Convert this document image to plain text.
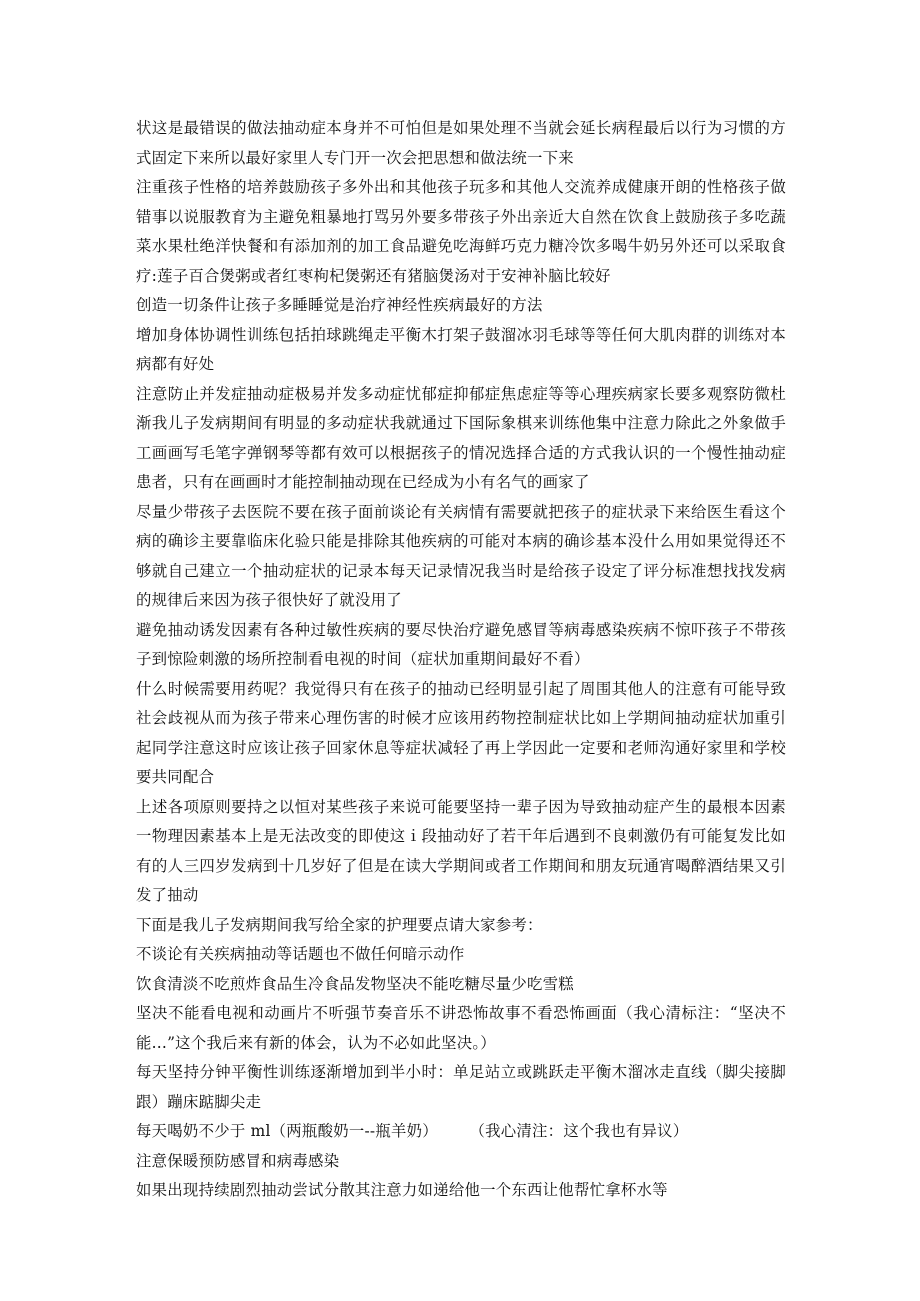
状这是最错误的做法抽动症本身并不可怕但是如果处理不当就会延长病程最后以行为习惯的方式固定下来所以最好家里人专门开一次会把思想和做法统一下来

注重孩子性格的培养鼓励孩子多外出和其他孩子玩多和其他人交流养成健康开朗的性格孩子做错事以说服教育为主避免粗暴地打骂另外要多带孩子外出亲近大自然在饮食上鼓励孩子多吃蔬菜水果杜绝洋快餐和有添加剂的加工食品避免吃海鲜巧克力糖冷饮多喝牛奶另外还可以采取食疗:莲子百合煲粥或者红枣枸杞煲粥还有猪脑煲汤对于安神补脑比较好

创造一切条件让孩子多睡睡觉是治疗神经性疾病最好的方法

增加身体协调性训练包括拍球跳绳走平衡木打架子鼓溜冰羽毛球等等任何大肌肉群的训练对本病都有好处

注意防止并发症抽动症极易并发多动症忧郁症抑郁症焦虑症等等心理疾病家长要多观察防微杜渐我儿子发病期间有明显的多动症状我就通过下国际象棋来训练他集中注意力除此之外象做手工画画写毛笔字弹钢琴等都有效可以根据孩子的情况选择合适的方式我认识的一个慢性抽动症患者，只有在画画时才能控制抽动现在已经成为小有名气的画家了

尽量少带孩子去医院不要在孩子面前谈论有关病情有需要就把孩子的症状录下来给医生看这个病的确诊主要靠临床化验只能是排除其他疾病的可能对本病的确诊基本没什么用如果觉得还不够就自己建立一个抽动症状的记录本每天记录情况我当时是给孩子设定了评分标准想找找发病的规律后来因为孩子很快好了就没用了

避免抽动诱发因素有各种过敏性疾病的要尽快治疗避免感冒等病毒感染疾病不惊吓孩子不带孩子到惊险刺激的场所控制看电视的时间（症状加重期间最好不看）

什么时候需要用药呢？我觉得只有在孩子的抽动已经明显引起了周围其他人的注意有可能导致社会歧视从而为孩子带来心理伤害的时候才应该用药物控制症状比如上学期间抽动症状加重引起同学注意这时应该让孩子回家休息等症状减轻了再上学因此一定要和老师沟通好家里和学校要共同配合

上述各项原则要持之以恒对某些孩子来说可能要坚持一辈子因为导致抽动症产生的最根本因素一物理因素基本上是无法改变的即使这ｉ段抽动好了若干年后遇到不良刺激仍有可能复发比如有的人三四岁发病到十几岁好了但是在读大学期间或者工作期间和朋友玩通宵喝醉酒结果又引发了抽动

下面是我儿子发病期间我写给全家的护理要点请大家参考：

不谈论有关疾病抽动等话题也不做任何暗示动作

饮食清淡不吃煎炸食品生冷食品发物坚决不能吃糖尽量少吃雪糕

坚决不能看电视和动画片不听强节奏音乐不讲恐怖故事不看恐怖画面（我心清标注：“坚决不能...”这个我后来有新的体会，认为不必如此坚决。）

每天坚持分钟平衡性训练逐渐增加到半小时：单足站立或跳跃走平衡木溜冰走直线（脚尖接脚跟）蹦床踮脚尖走

每天喝奶不少于 ml（两瓶酸奶一--瓶羊奶）　　　（我心清注：这个我也有异议）

注意保暖预防感冒和病毒感染

如果出现持续剧烈抽动尝试分散其注意力如递给他一个东西让他帮忙拿杯水等
